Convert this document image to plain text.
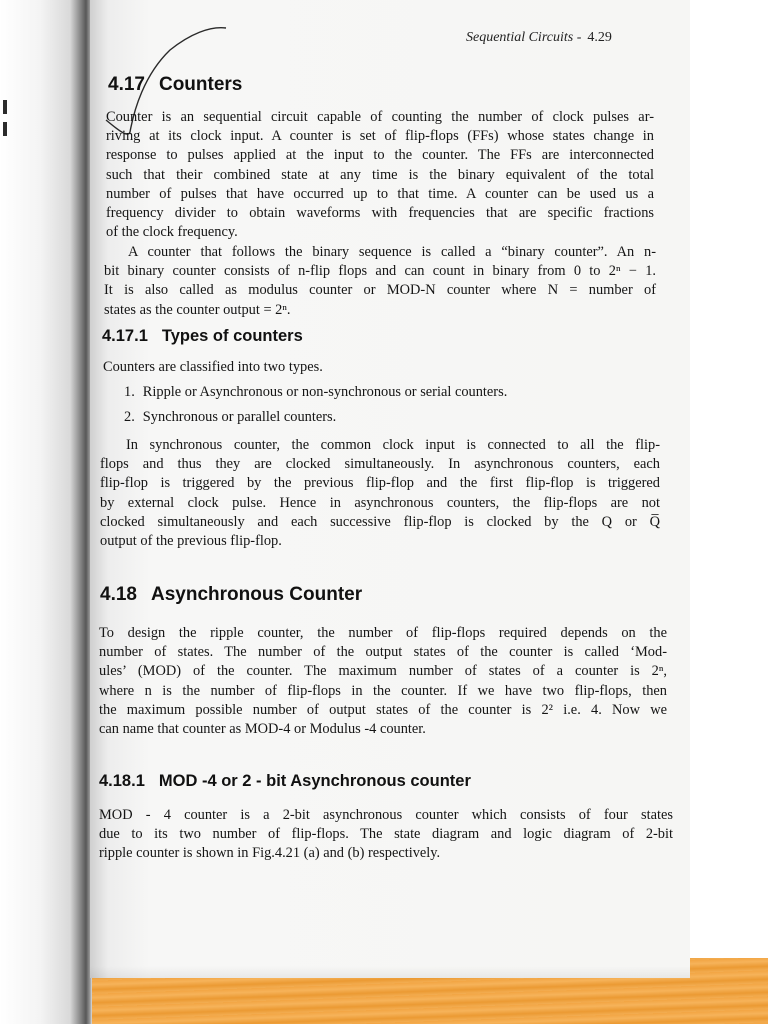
Sequential Circuits - 4.29
4.17 Counters
Counter is an sequential circuit capable of counting the number of clock pulses ar-
riving at its clock input. A counter is set of flip-flops (FFs) whose states change in
response to pulses applied at the input to the counter. The FFs are interconnected
such that their combined state at any time is the binary equivalent of the total
number of pulses that have occurred up to that time. A counter can be used us a
frequency divider to obtain waveforms with frequencies that are specific fractions
of the clock frequency.
A counter that follows the binary sequence is called a “binary counter”. An n-
bit binary counter consists of n-flip flops and can count in binary from 0 to 2ⁿ − 1.
It is also called as modulus counter or MOD-N counter where N = number of
states as the counter output = 2ⁿ.
4.17.1 Types of counters
Counters are classified into two types.
1. Ripple or Asynchronous or non-synchronous or serial counters.
2. Synchronous or parallel counters.
In synchronous counter, the common clock input is connected to all the flip-
flops and thus they are clocked simultaneously. In asynchronous counters, each
flip-flop is triggered by the previous flip-flop and the first flip-flop is triggered
by external clock pulse. Hence in asynchronous counters, the flip-flops are not
clocked simultaneously and each successive flip-flop is clocked by the Q or Q̅
output of the previous flip-flop.
4.18 Asynchronous Counter
To design the ripple counter, the number of flip-flops required depends on the
number of states. The number of the output states of the counter is called ‘Mod-
ules’ (MOD) of the counter. The maximum number of states of a counter is 2ⁿ,
where n is the number of flip-flops in the counter. If we have two flip-flops, then
the maximum possible number of output states of the counter is 2² i.e. 4. Now we
can name that counter as MOD-4 or Modulus -4 counter.
4.18.1 MOD -4 or 2 - bit Asynchronous counter
MOD - 4 counter is a 2-bit asynchronous counter which consists of four states
due to its two number of flip-flops. The state diagram and logic diagram of 2-bit
ripple counter is shown in Fig.4.21 (a) and (b) respectively.
